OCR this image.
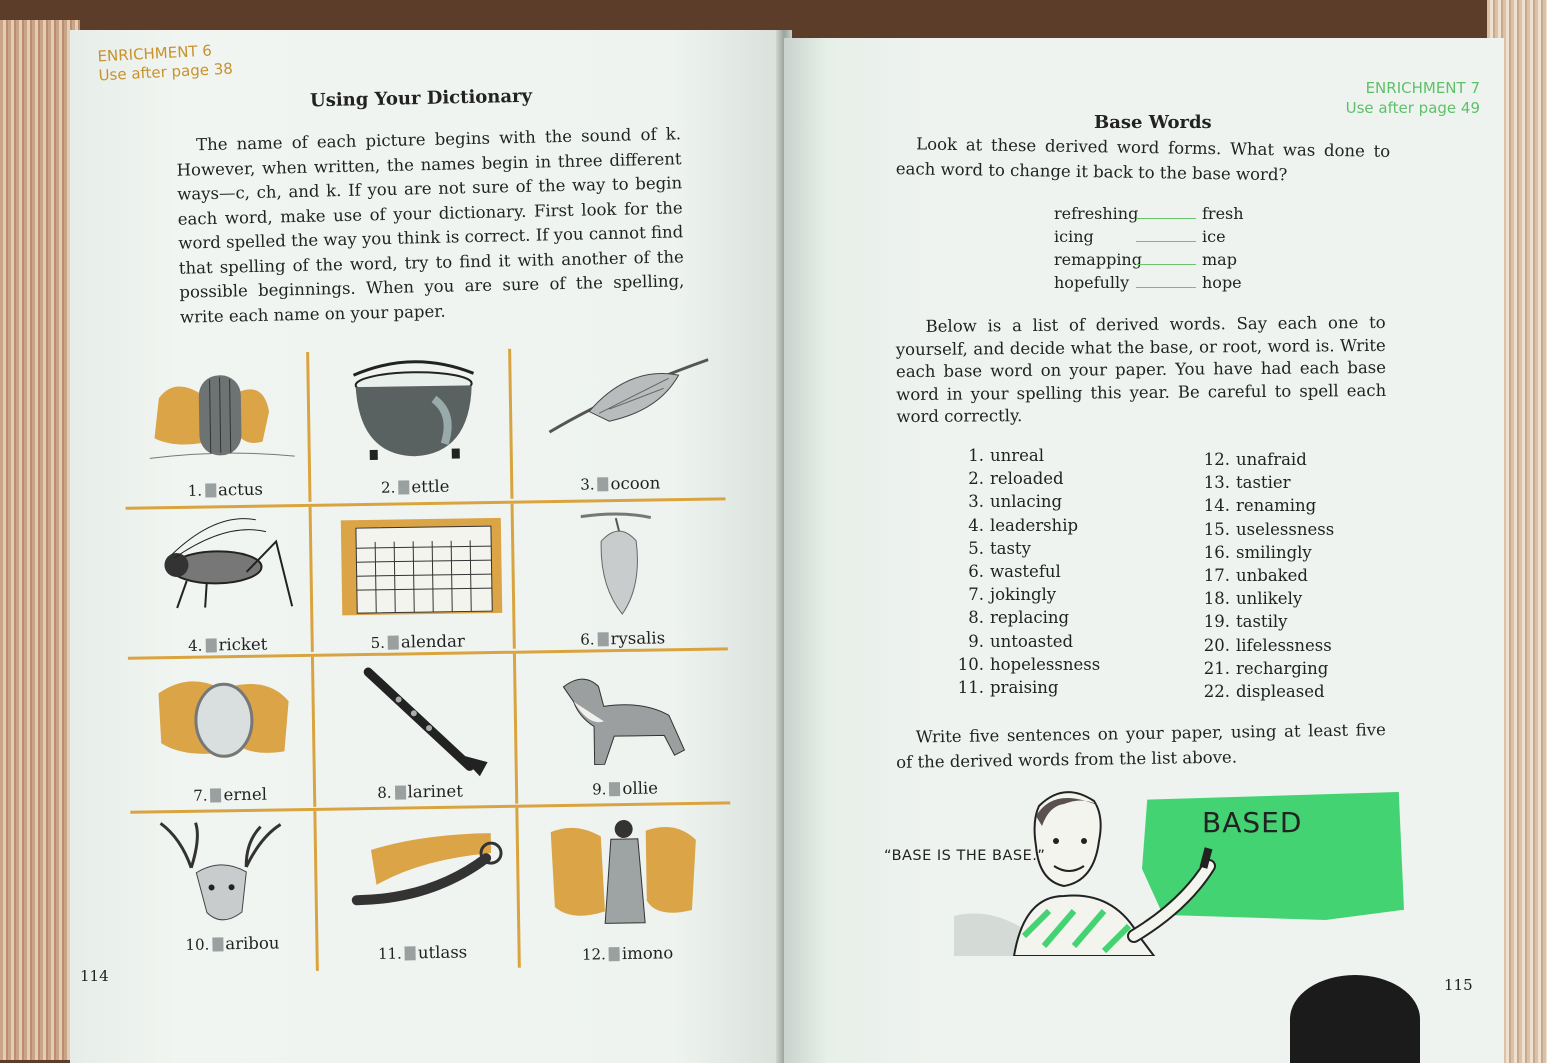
ENRICHMENT 6
Use after page 38
Using Your Dictionary
The name of each picture begins with the sound of k. However, when written, the names begin in three different ways—c, ch, and k. If you are not sure of the way to begin each word, make use of your dictionary. First look for the word spelled the way you think is correct. If you cannot find that spelling of the word, try to find it with another of the possible beginnings. When you are sure of the spelling, write each name on your paper.
1. actus	2. ettle	3. ocoon
4. ricket	5. alendar	6. rysalis
7. ernel	8. larinet	9. ollie
10. aribou
11. utlass	12. imono
114
ENRICHMENT 7
Use after page 49
Base Words
Look at these derived word forms. What was done to each word to change it back to the base word?
refreshing	fresh
icing	ice
remapping	map
hopefully	hope
Below is a list of derived words. Say each one to yourself, and decide what the base, or root, word is. Write each base word on your paper. You have had each base word in your spelling this year. Be careful to spell each word correctly.
1. unreal
2. reloaded
3. unlacing
4. leadership
5. tasty
6. wasteful
7. jokingly
8. replacing
9. untoasted
10. hopelessness
11. praising
12. unafraid
13. tastier
14. renaming
15. uselessness
16. smilingly
17. unbaked
18. unlikely
19. tastily
20. lifelessness
21. recharging
22. displeased
Write five sentences on your paper, using at least five of the derived words from the list above.
BASED
“BASE IS THE BASE.”
115
